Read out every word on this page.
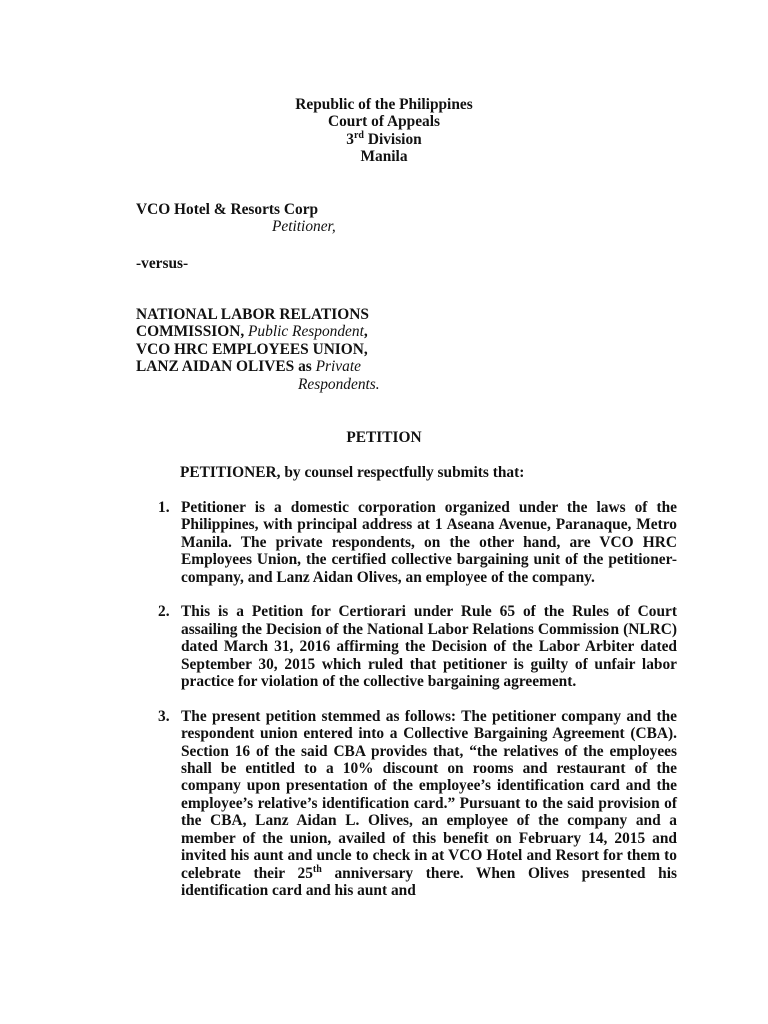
Republic of the Philippines
Court of Appeals
3rd Division
Manila
VCO Hotel & Resorts Corp
Petitioner,
-versus-
NATIONAL LABOR RELATIONS
COMMISSION, Public Respondent,
VCO HRC EMPLOYEES UNION,
LANZ AIDAN OLIVES as Private
Respondents.
PETITION
PETITIONER, by counsel respectfully submits that:
1. Petitioner is a domestic corporation organized under the laws of the Philippines, with principal address at 1 Aseana Avenue, Paranaque, Metro Manila. The private respondents, on the other hand, are VCO HRC Employees Union, the certified collective bargaining unit of the petitioner-company, and Lanz Aidan Olives, an employee of the company.

2. This is a Petition for Certiorari under Rule 65 of the Rules of Court assailing the Decision of the National Labor Relations Commission (NLRC) dated March 31, 2016 affirming the Decision of the Labor Arbiter dated September 30, 2015 which ruled that petitioner is guilty of unfair labor practice for violation of the collective bargaining agreement.

3. The present petition stemmed as follows: The petitioner company and the respondent union entered into a Collective Bargaining Agreement (CBA). Section 16 of the said CBA provides that, “the relatives of the employees shall be entitled to a 10% discount on rooms and restaurant of the company upon presentation of the employee’s identification card and the employee’s relative’s identification card.” Pursuant to the said provision of the CBA, Lanz Aidan L. Olives, an employee of the company and a member of the union, availed of this benefit on February 14, 2015 and invited his aunt and uncle to check in at VCO Hotel and Resort for them to celebrate their 25th anniversary there. When Olives presented his identification card and his aunt and
